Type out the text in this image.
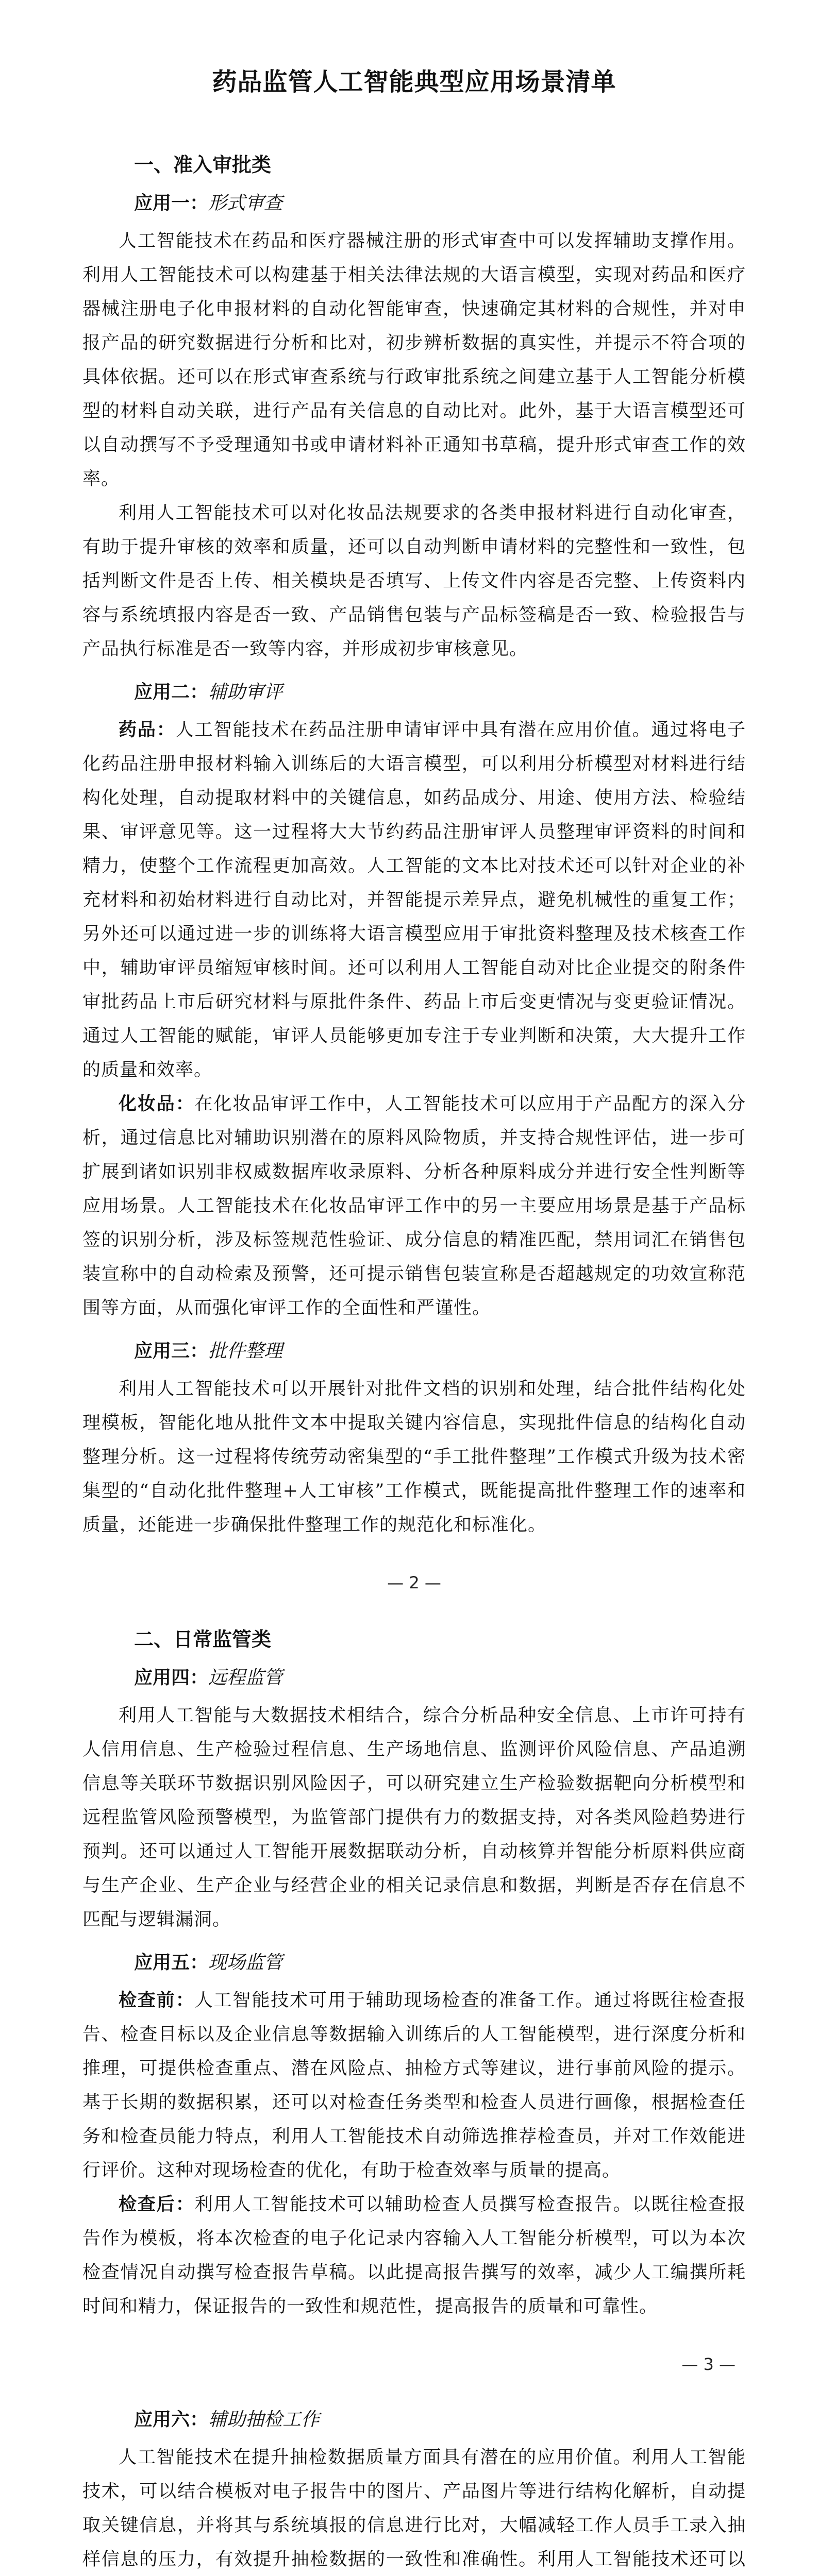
药品监管人工智能典型应用场景清单
一、准入审批类
应用一：形式审查

人工智能技术在药品和医疗器械注册的形式审查中可以发挥辅助支撑作用。利用人工智能技术可以构建基于相关法律法规的大语言模型，实现对药品和医疗器械注册电子化申报材料的自动化智能审查，快速确定其材料的合规性，并对申报产品的研究数据进行分析和比对，初步辨析数据的真实性，并提示不符合项的具体依据。还可以在形式审查系统与行政审批系统之间建立基于人工智能分析模型的材料自动关联，进行产品有关信息的自动比对。此外，基于大语言模型还可以自动撰写不予受理通知书或申请材料补正通知书草稿，提升形式审查工作的效率。

利用人工智能技术可以对化妆品法规要求的各类申报材料进行自动化审查，有助于提升审核的效率和质量，还可以自动判断申请材料的完整性和一致性，包括判断文件是否上传、相关模块是否填写、上传文件内容是否完整、上传资料内容与系统填报内容是否一致、产品销售包装与产品标签稿是否一致、检验报告与产品执行标准是否一致等内容，并形成初步审核意见。

应用二：辅助审评

药品：人工智能技术在药品注册申请审评中具有潜在应用价值。通过将电子化药品注册申报材料输入训练后的大语言模型，可以利用分析模型对材料进行结构化处理，自动提取材料中的关键信息，如药品成分、用途、使用方法、检验结果、审评意见等。这一过程将大大节约药品注册审评人员整理审评资料的时间和精力，使整个工作流程更加高效。人工智能的文本比对技术还可以针对企业的补充材料和初始材料进行自动比对，并智能提示差异点，避免机械性的重复工作；另外还可以通过进一步的训练将大语言模型应用于审批资料整理及技术核查工作中，辅助审评员缩短审核时间。还可以利用人工智能自动对比企业提交的附条件审批药品上市后研究材料与原批件条件、药品上市后变更情况与变更验证情况。通过人工智能的赋能，审评人员能够更加专注于专业判断和决策，大大提升工作的质量和效率。

化妆品：在化妆品审评工作中，人工智能技术可以应用于产品配方的深入分析，通过信息比对辅助识别潜在的原料风险物质，并支持合规性评估，进一步可扩展到诸如识别非权威数据库收录原料、分析各种原料成分并进行安全性判断等应用场景。人工智能技术在化妆品审评工作中的另一主要应用场景是基于产品标签的识别分析，涉及标签规范性验证、成分信息的精准匹配，禁用词汇在销售包装宣称中的自动检索及预警，还可提示销售包装宣称是否超越规定的功效宣称范围等方面，从而强化审评工作的全面性和严谨性。

应用三：批件整理

利用人工智能技术可以开展针对批件文档的识别和处理，结合批件结构化处理模板，智能化地从批件文本中提取关键内容信息，实现批件信息的结构化自动整理分析。这一过程将传统劳动密集型的“手工批件整理”工作模式升级为技术密集型的“自动化批件整理+人工审核”工作模式，既能提高批件整理工作的速率和质量，还能进一步确保批件整理工作的规范化和标准化。

— 2 —
二、日常监管类
应用四：远程监管

利用人工智能与大数据技术相结合，综合分析品种安全信息、上市许可持有人信用信息、生产检验过程信息、生产场地信息、监测评价风险信息、产品追溯信息等关联环节数据识别风险因子，可以研究建立生产检验数据靶向分析模型和远程监管风险预警模型，为监管部门提供有力的数据支持，对各类风险趋势进行预判。还可以通过人工智能开展数据联动分析，自动核算并智能分析原料供应商与生产企业、生产企业与经营企业的相关记录信息和数据，判断是否存在信息不匹配与逻辑漏洞。

应用五：现场监管

检查前：人工智能技术可用于辅助现场检查的准备工作。通过将既往检查报告、检查目标以及企业信息等数据输入训练后的人工智能模型，进行深度分析和推理，可提供检查重点、潜在风险点、抽检方式等建议，进行事前风险的提示。基于长期的数据积累，还可以对检查任务类型和检查人员进行画像，根据检查任务和检查员能力特点，利用人工智能技术自动筛选推荐检查员，并对工作效能进行评价。这种对现场检查的优化，有助于检查效率与质量的提高。

检查后：利用人工智能技术可以辅助检查人员撰写检查报告。以既往检查报告作为模板，将本次检查的电子化记录内容输入人工智能分析模型，可以为本次检查情况自动撰写检查报告草稿。以此提高报告撰写的效率，减少人工编撰所耗时间和精力，保证报告的一致性和规范性，提高报告的质量和可靠性。

— 3 —
应用六：辅助抽检工作

人工智能技术在提升抽检数据质量方面具有潜在的应用价值。利用人工智能技术，可以结合模板对电子报告中的图片、产品图片等进行结构化解析，自动提取关键信息，并将其与系统填报的信息进行比对，大幅减轻工作人员手工录入抽样信息的压力，有效提升抽检数据的一致性和准确性。利用人工智能技术还可以
